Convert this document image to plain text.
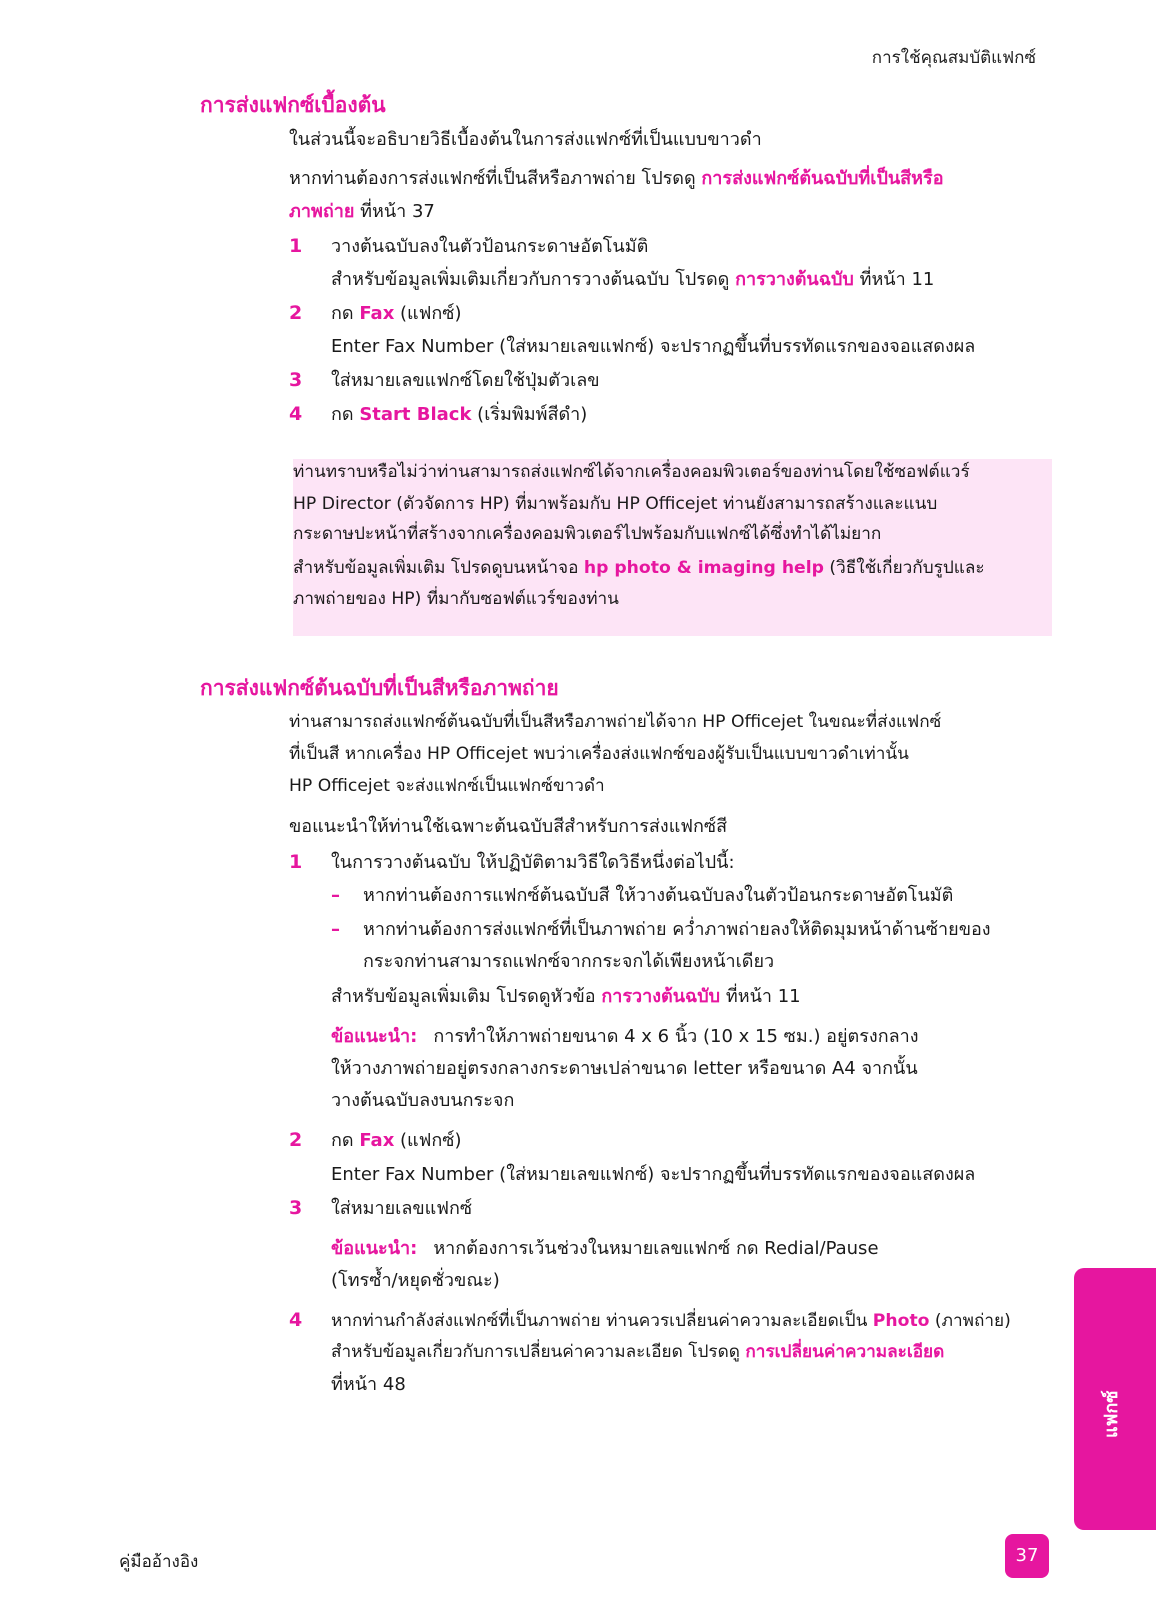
การใช้คุณสมบัติแฟกซ์
การส่งแฟกซ์เบื้องต้น
ในส่วนนี้จะอธิบายวิธีเบื้องต้นในการส่งแฟกซ์ที่เป็นแบบขาวดำ
หากท่านต้องการส่งแฟกซ์ที่เป็นสีหรือภาพถ่าย โปรดดู การส่งแฟกซ์ต้นฉบับที่เป็นสีหรือ
ภาพถ่าย ที่หน้า 37
1 วางต้นฉบับลงในตัวป้อนกระดาษอัตโนมัติ
สำหรับข้อมูลเพิ่มเติมเกี่ยวกับการวางต้นฉบับ โปรดดู การวางต้นฉบับ ที่หน้า 11
2 กด Fax (แฟกซ์)
Enter Fax Number (ใส่หมายเลขแฟกซ์) จะปรากฏขึ้นที่บรรทัดแรกของจอแสดงผล
3 ใส่หมายเลขแฟกซ์โดยใช้ปุ่มตัวเลข
4 กด Start Black (เริ่มพิมพ์สีดำ)
ท่านทราบหรือไม่ว่าท่านสามารถส่งแฟกซ์ได้จากเครื่องคอมพิวเตอร์ของท่านโดยใช้ซอฟต์แวร์
HP Director (ตัวจัดการ HP) ที่มาพร้อมกับ HP Officejet ท่านยังสามารถสร้างและแนบ
กระดาษปะหน้าที่สร้างจากเครื่องคอมพิวเตอร์ไปพร้อมกับแฟกซ์ได้ซึ่งทำได้ไม่ยาก
สำหรับข้อมูลเพิ่มเติม โปรดดูบนหน้าจอ hp photo & imaging help (วิธีใช้เกี่ยวกับรูปและ
ภาพถ่ายของ HP) ที่มากับซอฟต์แวร์ของท่าน
การส่งแฟกซ์ต้นฉบับที่เป็นสีหรือภาพถ่าย
ท่านสามารถส่งแฟกซ์ต้นฉบับที่เป็นสีหรือภาพถ่ายได้จาก HP Officejet ในขณะที่ส่งแฟกซ์
ที่เป็นสี หากเครื่อง HP Officejet พบว่าเครื่องส่งแฟกซ์ของผู้รับเป็นแบบขาวดำเท่านั้น
HP Officejet จะส่งแฟกซ์เป็นแฟกซ์ขาวดำ
ขอแนะนำให้ท่านใช้เฉพาะต้นฉบับสีสำหรับการส่งแฟกซ์สี
1 ในการวางต้นฉบับ ให้ปฏิบัติตามวิธีใดวิธีหนึ่งต่อไปนี้:
– หากท่านต้องการแฟกซ์ต้นฉบับสี ให้วางต้นฉบับลงในตัวป้อนกระดาษอัตโนมัติ
– หากท่านต้องการส่งแฟกซ์ที่เป็นภาพถ่าย คว่ำภาพถ่ายลงให้ติดมุมหน้าด้านซ้ายของ
กระจกท่านสามารถแฟกซ์จากกระจกได้เพียงหน้าเดียว
สำหรับข้อมูลเพิ่มเติม โปรดดูหัวข้อ การวางต้นฉบับ ที่หน้า 11
ข้อแนะนำ: การทำให้ภาพถ่ายขนาด 4 x 6 นิ้ว (10 x 15 ซม.) อยู่ตรงกลาง
ให้วางภาพถ่ายอยู่ตรงกลางกระดาษเปล่าขนาด letter หรือขนาด A4 จากนั้น
วางต้นฉบับลงบนกระจก
2 กด Fax (แฟกซ์)
Enter Fax Number (ใส่หมายเลขแฟกซ์) จะปรากฏขึ้นที่บรรทัดแรกของจอแสดงผล
3 ใส่หมายเลขแฟกซ์
ข้อแนะนำ: หากต้องการเว้นช่วงในหมายเลขแฟกซ์ กด Redial/Pause
(โทรซ้ำ/หยุดชั่วขณะ)
4 หากท่านกำลังส่งแฟกซ์ที่เป็นภาพถ่าย ท่านควรเปลี่ยนค่าความละเอียดเป็น Photo (ภาพถ่าย)
สำหรับข้อมูลเกี่ยวกับการเปลี่ยนค่าความละเอียด โปรดดู การเปลี่ยนค่าความละเอียด
ที่หน้า 48
แฟกซ์
คู่มืออ้างอิง	37
